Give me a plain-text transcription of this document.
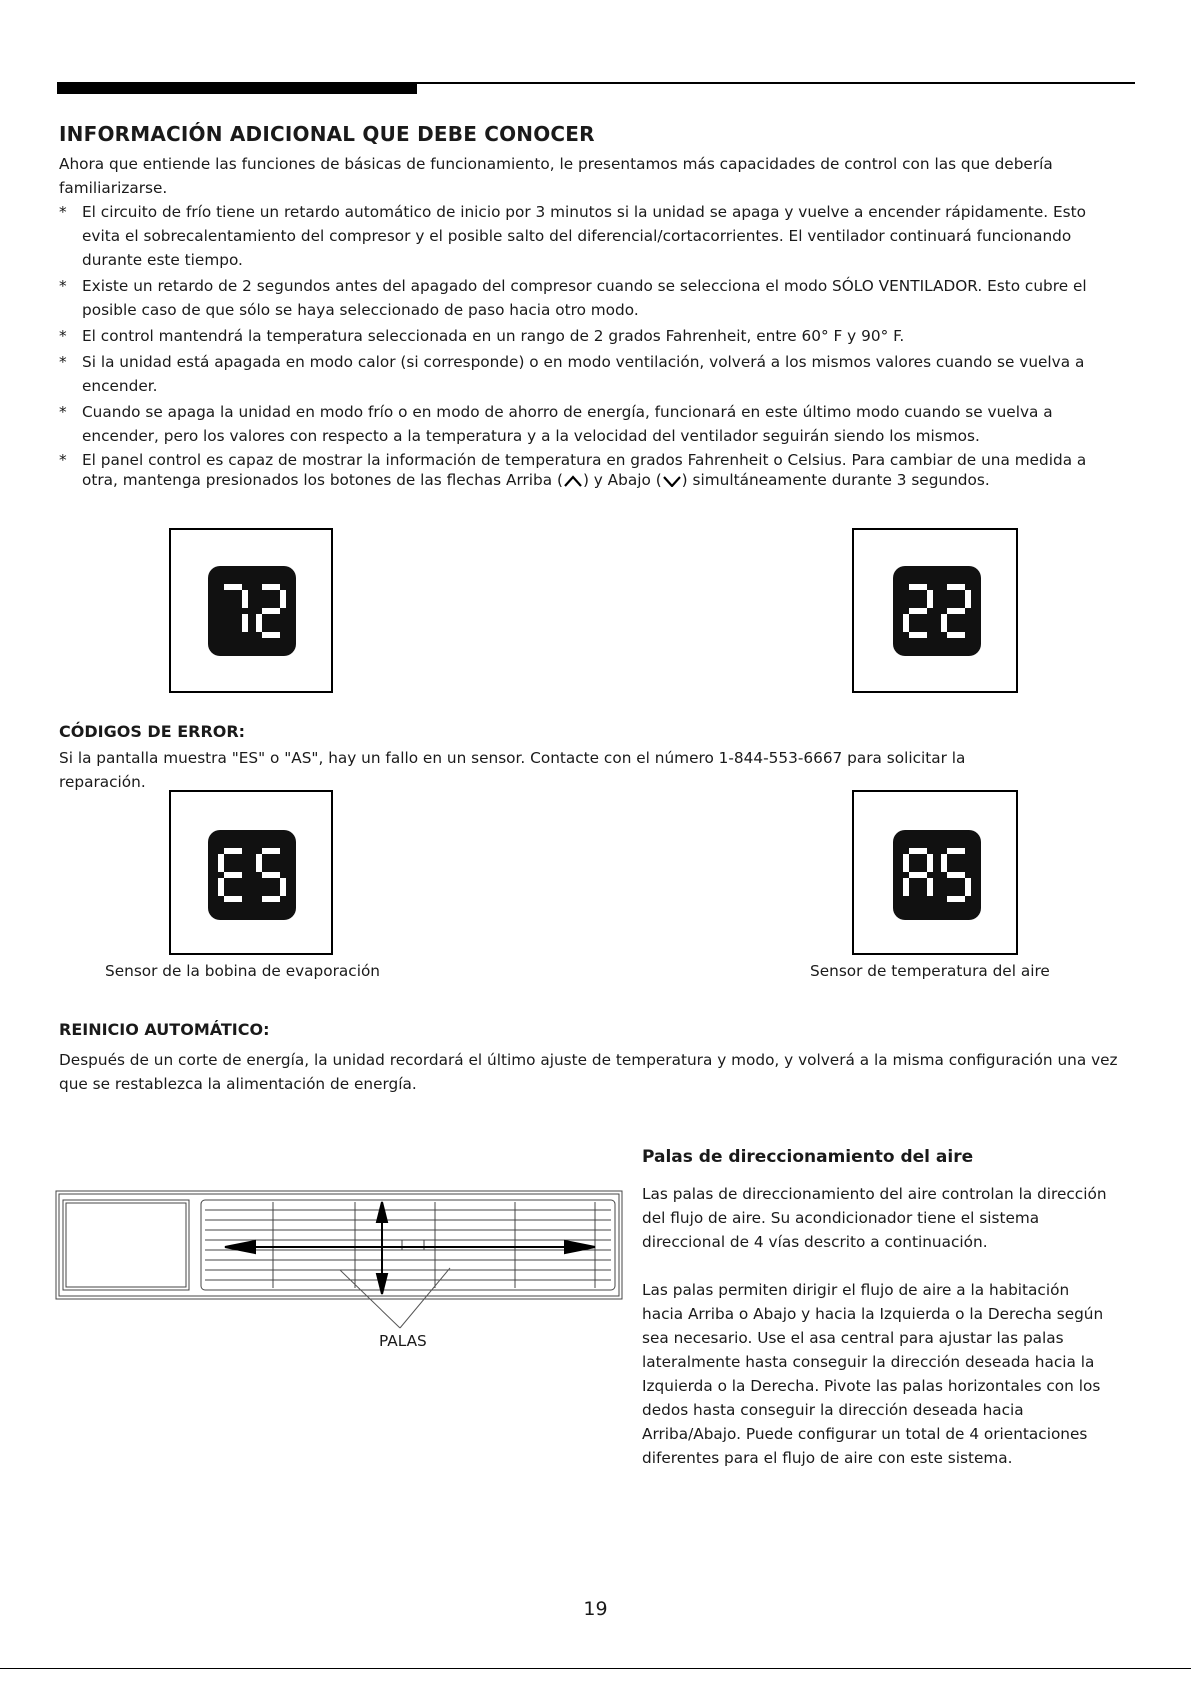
INFORMACIÓN ADICIONAL QUE DEBE CONOCER
Ahora que entiende las funciones de básicas de funcionamiento, le presentamos más capacidades de control con las que debería familiarizarse.
* El circuito de frío tiene un retardo automático de inicio por 3 minutos si la unidad se apaga y vuelve a encender rápidamente. Esto evita el sobrecalentamiento del compresor y el posible salto del diferencial/cortacorrientes. El ventilador continuará funcionando durante este tiempo.
* Existe un retardo de 2 segundos antes del apagado del compresor cuando se selecciona el modo SÓLO VENTILADOR. Esto cubre el posible caso de que sólo se haya seleccionado de paso hacia otro modo.
* El control mantendrá la temperatura seleccionada en un rango de 2 grados Fahrenheit, entre 60° F y 90° F.
* Si la unidad está apagada en modo calor (si corresponde) o en modo ventilación, volverá a los mismos valores cuando se vuelva a encender.
* Cuando se apaga la unidad en modo frío o en modo de ahorro de energía, funcionará en este último modo cuando se vuelva a encender, pero los valores con respecto a la temperatura y a la velocidad del ventilador seguirán siendo los mismos.
* El panel control es capaz de mostrar la información de temperatura en grados Fahrenheit o Celsius. Para cambiar de una medida a otra, mantenga presionados los botones de las flechas Arriba ( ) y Abajo ( ) simultáneamente durante 3 segundos.
CÓDIGOS DE ERROR:
Si la pantalla muestra "ES" o "AS", hay un fallo en un sensor. Contacte con el número 1-844-553-6667 para solicitar la reparación.
Sensor de la bobina de evaporación	Sensor de temperatura del aire
REINICIO AUTOMÁTICO:
Después de un corte de energía, la unidad recordará el último ajuste de temperatura y modo, y volverá a la misma configuración una vez que se restablezca la alimentación de energía.
Palas de direccionamiento del aire
Las palas de direccionamiento del aire controlan la dirección del flujo de aire. Su acondicionador tiene el sistema direccional de 4 vías descrito a continuación.
Las palas permiten dirigir el flujo de aire a la habitación hacia Arriba o Abajo y hacia la Izquierda o la Derecha según sea necesario. Use el asa central para ajustar las palas lateralmente hasta conseguir la dirección deseada hacia la Izquierda o la Derecha. Pivote las palas horizontales con los dedos hasta conseguir la dirección deseada hacia Arriba/Abajo. Puede configurar un total de 4 orientaciones diferentes para el flujo de aire con este sistema.
PALAS
19
